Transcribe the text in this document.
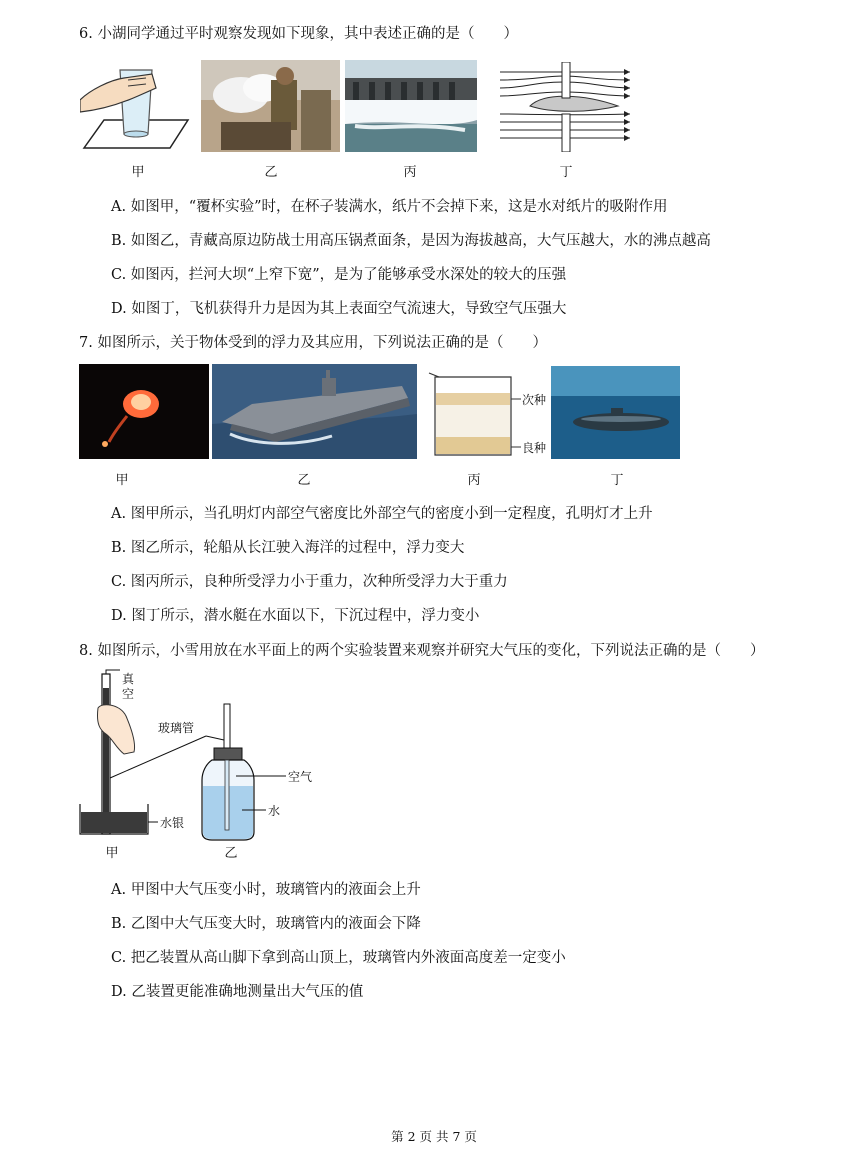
6. 小湖同学通过平时观察发现如下现象，其中表述正确的是（　　）
甲	乙	丙	丁
A. 如图甲，“覆杯实验”时，在杯子装满水，纸片不会掉下来，这是水对纸片的吸附作用
B. 如图乙，青藏高原边防战士用高压锅煮面条，是因为海拔越高，大气压越大，水的沸点越高
C. 如图丙，拦河大坝“上窄下宽”，是为了能够承受水深处的较大的压强
D. 如图丁，飞机获得升力是因为其上表面空气流速大，导致空气压强大
7. 如图所示，关于物体受到的浮力及其应用，下列说法正确的是（　　）
次种
良种
甲	乙	丙	丁
A. 图甲所示，当孔明灯内部空气密度比外部空气的密度小到一定程度，孔明灯才上升
B. 图乙所示，轮船从长江驶入海洋的过程中，浮力变大
C. 图丙所示，良种所受浮力小于重力，次种所受浮力大于重力
D. 图丁所示，潜水艇在水面以下，下沉过程中，浮力变小
8. 如图所示，小雪用放在水平面上的两个实验装置来观察并研究大气压的变化，下列说法正确的是（　　）
真
空
水银
玻璃管
空气
水
甲	乙
A. 甲图中大气压变小时，玻璃管内的液面会上升
B. 乙图中大气压变大时，玻璃管内的液面会下降
C. 把乙装置从高山脚下拿到高山顶上，玻璃管内外液面高度差一定变小
D. 乙装置更能准确地测量出大气压的值
第 2 页 共 7 页
